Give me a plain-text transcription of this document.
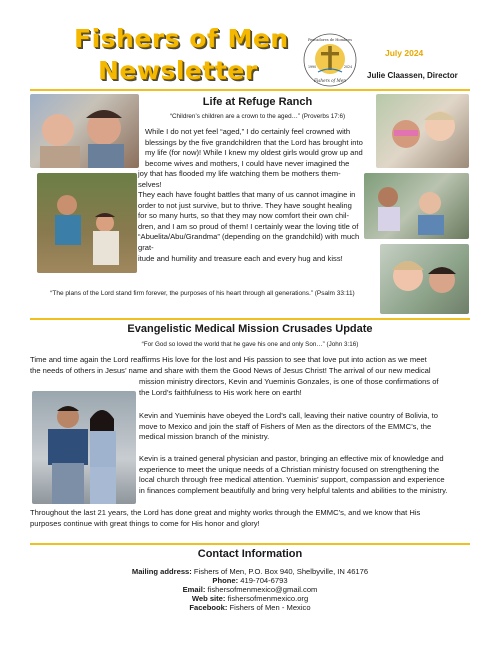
Fishers of Men
Newsletter	1990	2024
Pescadores de Hombres
Fishers of Men
July 2024
Julie Claassen, Director
Life at Refuge Ranch
“Children’s children are a crown to the aged…” (Proverbs 17:6)
While I do not yet feel “aged,” I do certainly feel crowned with
blessings by the five grandchildren that the Lord has brought into
my life (for now)! While I knew my oldest girls would grow up and
become wives and mothers, I could have never imagined the
joy that has flooded my life watching them be mothers them-
selves!
They each have fought battles that many of us cannot imagine in
order to not just survive, but to thrive. They have sought healing
for so many hurts, so that they may now comfort their own chil-
dren, and I am so proud of them! I certainly wear the loving title of
“Abuelita/Abu/Grandma” (depending on the grandchild) with much grat-
itude and humility and treasure each and every hug and kiss!
“The plans of the Lord stand firm forever, the purposes of his heart through all generations.” (Psalm 33:11)
Evangelistic Medical Mission Crusades Update
“For God so loved the world that he gave his one and only Son…” (John 3:16)
Time and time again the Lord reaffirms His love for the lost and His passion to see that love put into action as we meet
the needs of others in Jesus’ name and share with them the Good News of Jesus Christ! The arrival of our new medical
mission ministry directors, Kevin and Yueminis Gonzales, is one of those confirmations of
the Lord’s faithfulness to His work here on earth!
Kevin and Yueminis have obeyed the Lord’s call, leaving their native country of Bolivia, to
move to Mexico and join the staff of Fishers of Men as the directors of the EMMC’s, the
medical mission branch of the ministry.
Kevin is a trained general physician and pastor, bringing an effective mix of knowledge and
experience to meet the unique needs of a Christian ministry focused on strengthening the
local church through free medical attention. Yueminis’ support, compassion and experience
in finances complement beautifully and bring very helpful talents and abilities to the ministry.
Throughout the last 21 years, the Lord has done great and mighty works through the EMMC’s, and we know that His
purposes continue with great things to come for His honor and glory!
Contact Information
Mailing address: Fishers of Men, P.O. Box 940, Shelbyville, IN 46176
Phone: 419-704-6793
Email: fishersofmenmexico@gmail.com
Web site: fishersofmenmexico.org
Facebook: Fishers of Men - Mexico
